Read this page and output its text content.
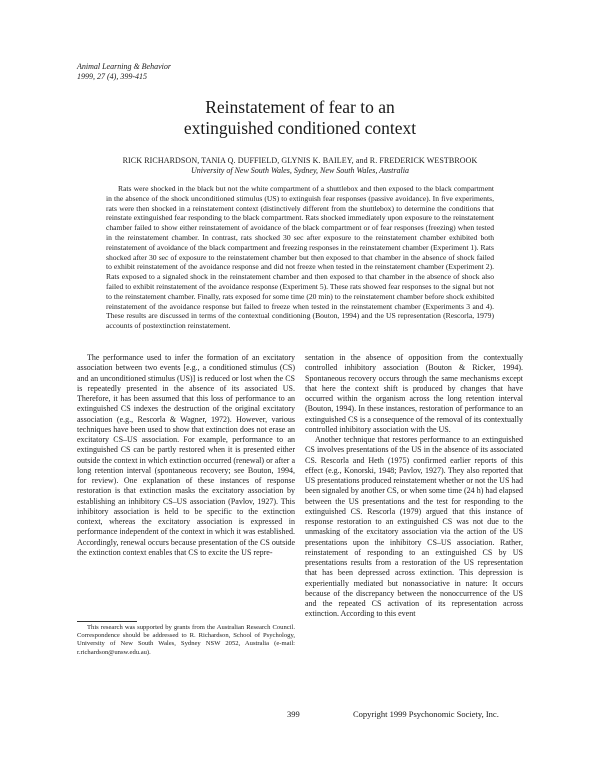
Animal Learning & Behavior
1999, 27 (4), 399-415
Reinstatement of fear to an
extinguished conditioned context
RICK RICHARDSON, TANIA Q. DUFFIELD, GLYNIS K. BAILEY, and R. FREDERICK WESTBROOK
University of New South Wales, Sydney, New South Wales, Australia

Rats were shocked in the black but not the white compartment of a shuttlebox and then exposed to the black compartment in the absence of the shock unconditioned stimulus (US) to extinguish fear responses (passive avoidance). In five experiments, rats were then shocked in a reinstatement context (distinctively different from the shuttlebox) to determine the conditions that reinstate extinguished fear responding to the black compartment. Rats shocked immediately upon exposure to the reinstatement chamber failed to show either reinstatement of avoidance of the black compartment or of fear responses (freezing) when tested in the reinstatement chamber. In contrast, rats shocked 30 sec after exposure to the reinstatement chamber exhibited both reinstatement of avoidance of the black compartment and freezing responses in the reinstatement chamber (Experiment 1). Rats shocked after 30 sec of exposure to the reinstatement chamber but then exposed to that chamber in the absence of shock failed to exhibit reinstatement of the avoidance response and did not freeze when tested in the reinstatement chamber (Experiment 2). Rats exposed to a signaled shock in the reinstatement chamber and then exposed to that chamber in the absence of shock also failed to exhibit reinstatement of the avoidance response (Experiment 5). These rats showed fear responses to the signal but not to the reinstatement chamber. Finally, rats exposed for some time (20 min) to the reinstatement chamber before shock exhibited reinstatement of the avoidance response but failed to freeze when tested in the reinstatement chamber (Experiments 3 and 4). These results are discussed in terms of the contextual conditioning (Bouton, 1994) and the US representation (Rescorla, 1979) accounts of postextinction reinstatement.

The performance used to infer the formation of an excitatory association between two events [e.g., a conditioned stimulus (CS) and an unconditioned stimulus (US)] is reduced or lost when the CS is repeatedly presented in the absence of its associated US. Therefore, it has been assumed that this loss of performance to an extinguished CS indexes the destruction of the original excitatory association (e.g., Rescorla & Wagner, 1972). However, various techniques have been used to show that extinction does not erase an excitatory CS–US association. For example, performance to an extinguished CS can be partly restored when it is presented either outside the context in which extinction occurred (renewal) or after a long retention interval (spontaneous recovery; see Bouton, 1994, for review). One explanation of these instances of response restoration is that extinction masks the excitatory association by establishing an inhibitory CS–US association (Pavlov, 1927). This inhibitory association is held to be specific to the extinction context, whereas the excitatory association is expressed in performance independent of the context in which it was established. Accordingly, renewal occurs because presentation of the CS outside the extinction context enables that CS to excite the US repre-

sentation in the absence of opposition from the contextually controlled inhibitory association (Bouton & Ricker, 1994). Spontaneous recovery occurs through the same mechanisms except that here the context shift is produced by changes that have occurred within the organism across the long retention interval (Bouton, 1994). In these instances, restoration of performance to an extinguished CS is a consequence of the removal of its contextually controlled inhibitory association with the US.

Another technique that restores performance to an extinguished CS involves presentations of the US in the absence of its associated CS. Rescorla and Heth (1975) confirmed earlier reports of this effect (e.g., Konorski, 1948; Pavlov, 1927). They also reported that US presentations produced reinstatement whether or not the US had been signaled by another CS, or when some time (24 h) had elapsed between the US presentations and the test for responding to the extinguished CS. Rescorla (1979) argued that this instance of response restoration to an extinguished CS was not due to the unmasking of the excitatory association via the action of the US presentations upon the inhibitory CS–US association. Rather, reinstatement of responding to an extinguished CS by US presentations results from a restoration of the US representation that has been depressed across extinction. This depression is experientially mediated but nonassociative in nature: It occurs because of the discrepancy between the nonoccurrence of the US and the repeated CS activation of its representation across extinction. According to this event

This research was supported by grants from the Australian Research Council. Correspondence should be addressed to R. Richardson, School of Psychology, University of New South Wales, Sydney NSW 2052, Australia (e-mail: r.richardson@unsw.edu.au).

399	Copyright 1999 Psychonomic Society, Inc.
